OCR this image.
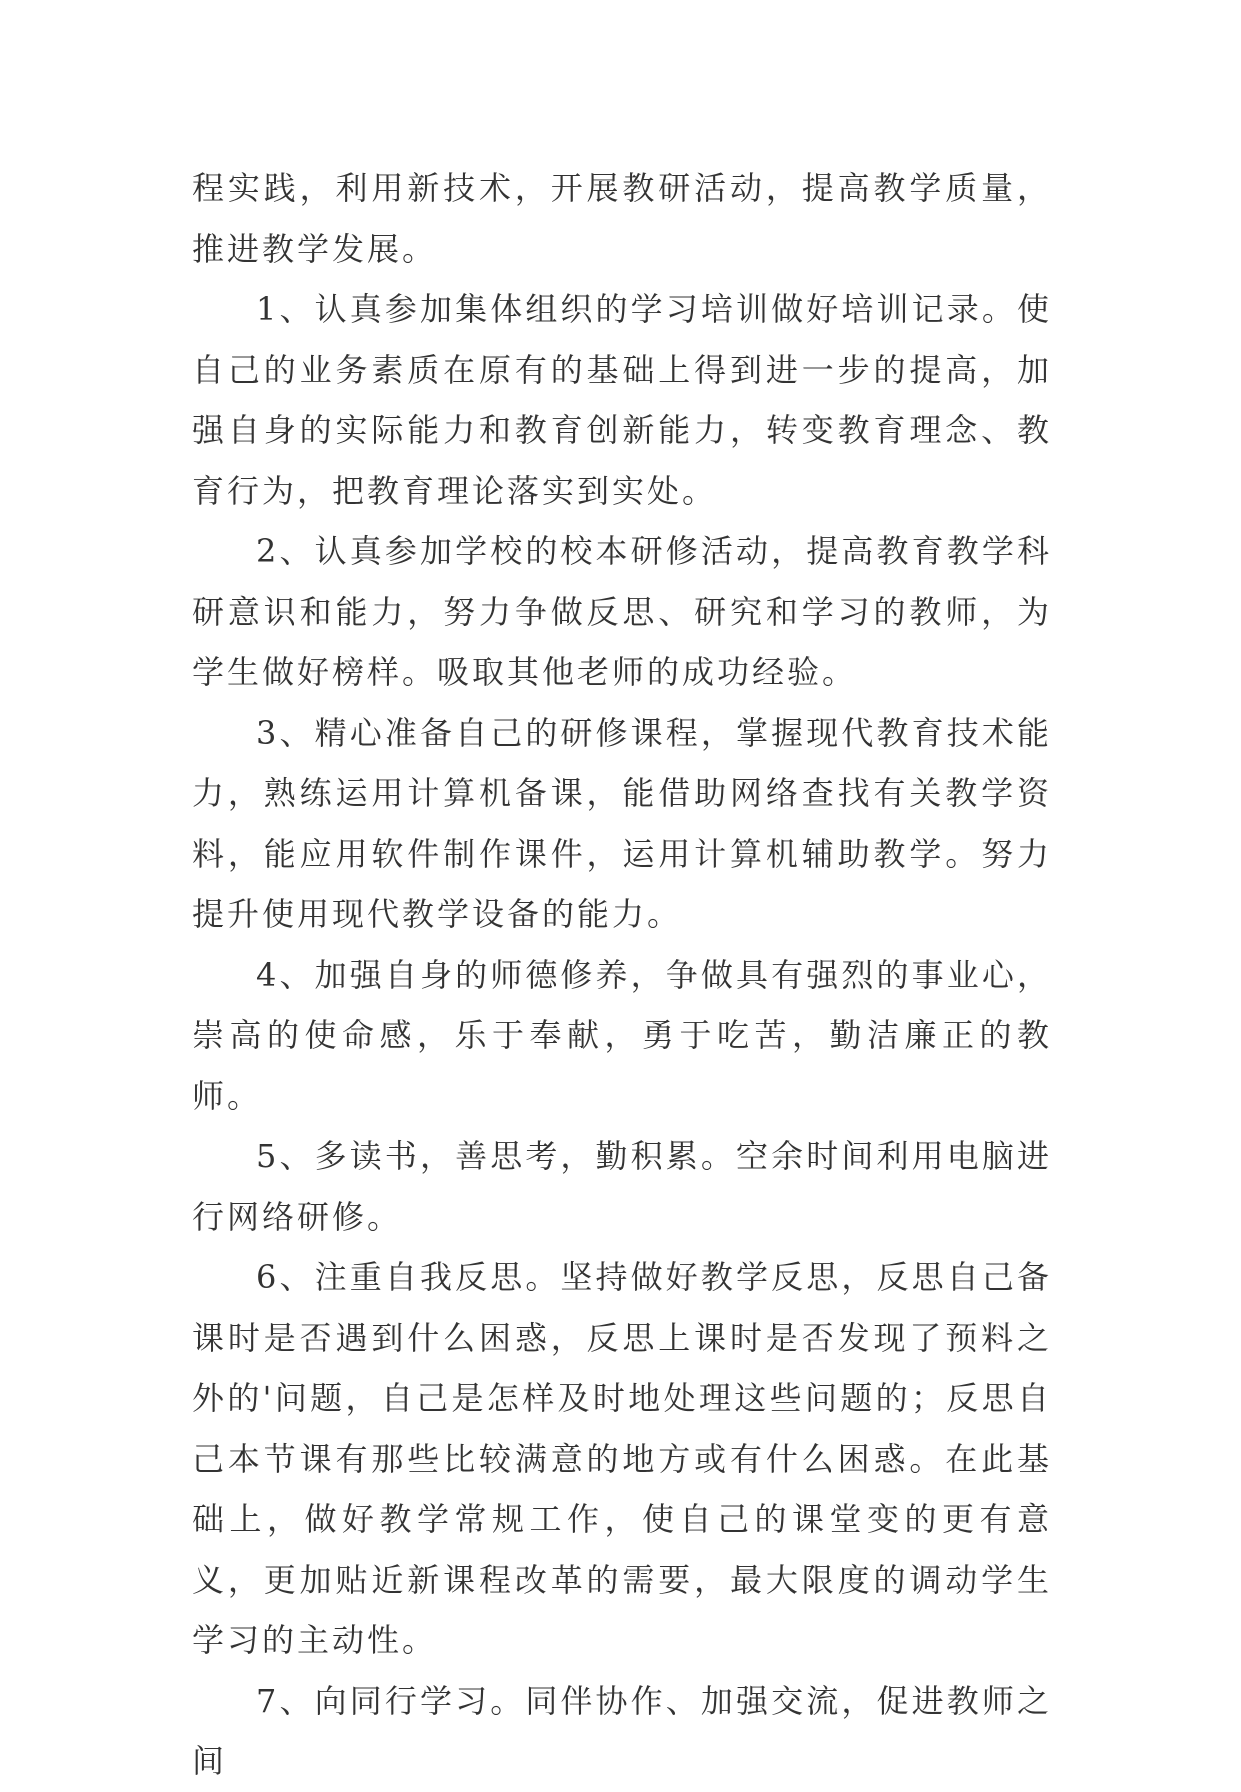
程实践，利用新技术，开展教研活动，提高教学质量，推进教学发展。

1、认真参加集体组织的学习培训做好培训记录。使自己的业务素质在原有的基础上得到进一步的提高，加强自身的实际能力和教育创新能力，转变教育理念、教育行为，把教育理论落实到实处。

2、认真参加学校的校本研修活动，提高教育教学科研意识和能力，努力争做反思、研究和学习的教师，为学生做好榜样。吸取其他老师的成功经验。

3、精心准备自己的研修课程，掌握现代教育技术能力，熟练运用计算机备课，能借助网络查找有关教学资料，能应用软件制作课件，运用计算机辅助教学。努力提升使用现代教学设备的能力。

4、加强自身的师德修养，争做具有强烈的事业心，崇高的使命感，乐于奉献，勇于吃苦，勤洁廉正的教师。

5、多读书，善思考，勤积累。空余时间利用电脑进行网络研修。

6、注重自我反思。坚持做好教学反思，反思自己备课时是否遇到什么困惑，反思上课时是否发现了预料之外的'问题，自己是怎样及时地处理这些问题的；反思自己本节课有那些比较满意的地方或有什么困惑。在此基础上，做好教学常规工作，使自己的课堂变的更有意义，更加贴近新课程改革的需要，最大限度的调动学生学习的主动性。

7、向同行学习。同伴协作、加强交流，促进教师之间
